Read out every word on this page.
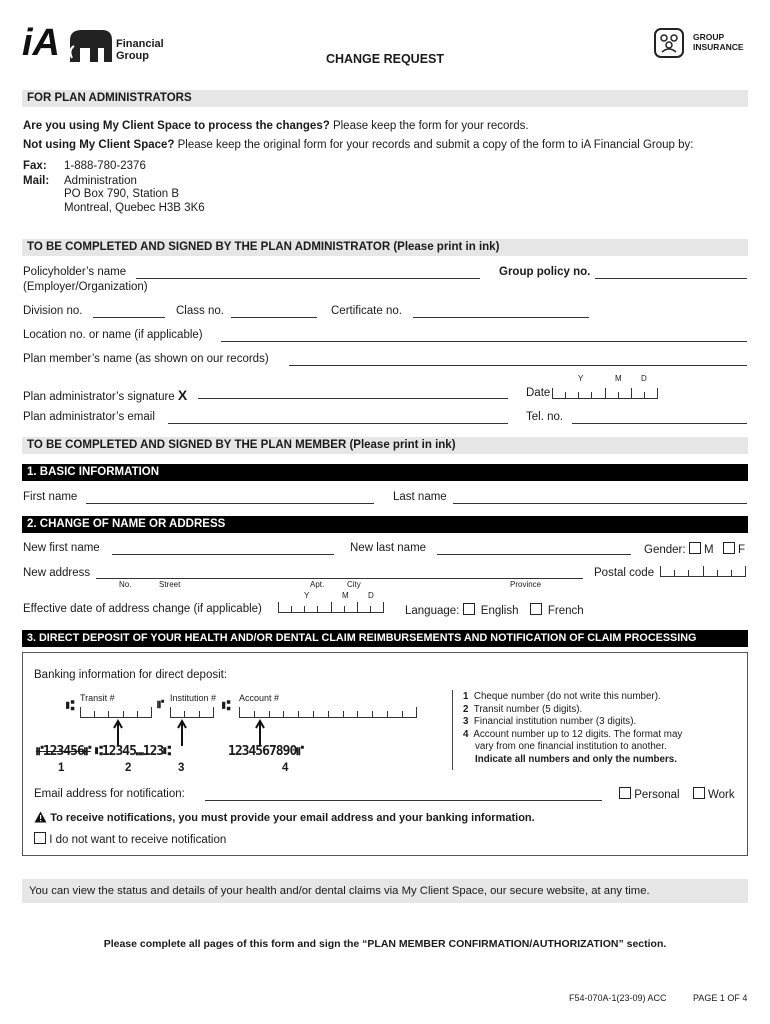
iA	Financial
Group	CHANGE REQUEST
GROUP
INSURANCE
FOR PLAN ADMINISTRATORS
Are you using My Client Space to process the changes? Please keep the form for your records.
Not using My Client Space? Please keep the original form for your records and submit a copy of the form to iA Financial Group by:
Fax: 1-888-780-2376
Mail: Administration
PO Box 790, Station B
Montreal, Quebec H3B 3K6
TO BE COMPLETED AND SIGNED BY THE PLAN ADMINISTRATOR (Please print in ink)
Policyholder’s name
(Employer/Organization)
Group policy no.
Division no.	Class no.	Certificate no.
Location no. or name (if applicable)
Plan member’s name (as shown on our records)
Y	M D
Plan administrator’s signature X	Date
Plan administrator’s email	Tel. no.
TO BE COMPLETED AND SIGNED BY THE PLAN MEMBER (Please print in ink)
1. BASIC INFORMATION
First name	Last name
2. CHANGE OF NAME OR ADDRESS
New first name	New last name	Gender: M F
New address	Postal code
No.	Street	Apt.	City	Province
Y	M D
Effective date of address change (if applicable)	Language: English	French
3. DIRECT DEPOSIT OF YOUR HEALTH AND/OR DENTAL CLAIM REIMBURSEMENTS AND NOTIFICATION OF CLAIM PROCESSING
Banking information for direct deposit:
⑆ Transit #	⑈ Institution # ⑆ Account #
⑈123456⑈ ⑆12345⑉123⑆	1234567890⑈
1	2	3	4
1 Cheque number (do not write this number).
2 Transit number (5 digits).
3 Financial institution number (3 digits).
4 Account number up to 12 digits. The format may
vary from one financial institution to another.
Indicate all numbers and only the numbers.
Email address for notification:	Personal Work
To receive notifications, you must provide your email address and your banking information.
I do not want to receive notification
You can view the status and details of your health and/or dental claims via My Client Space, our secure website, at any time.
Please complete all pages of this form and sign the “PLAN MEMBER CONFIRMATION/AUTHORIZATION” section.
F54-070A-1(23-09) ACC	PAGE 1 OF 4
